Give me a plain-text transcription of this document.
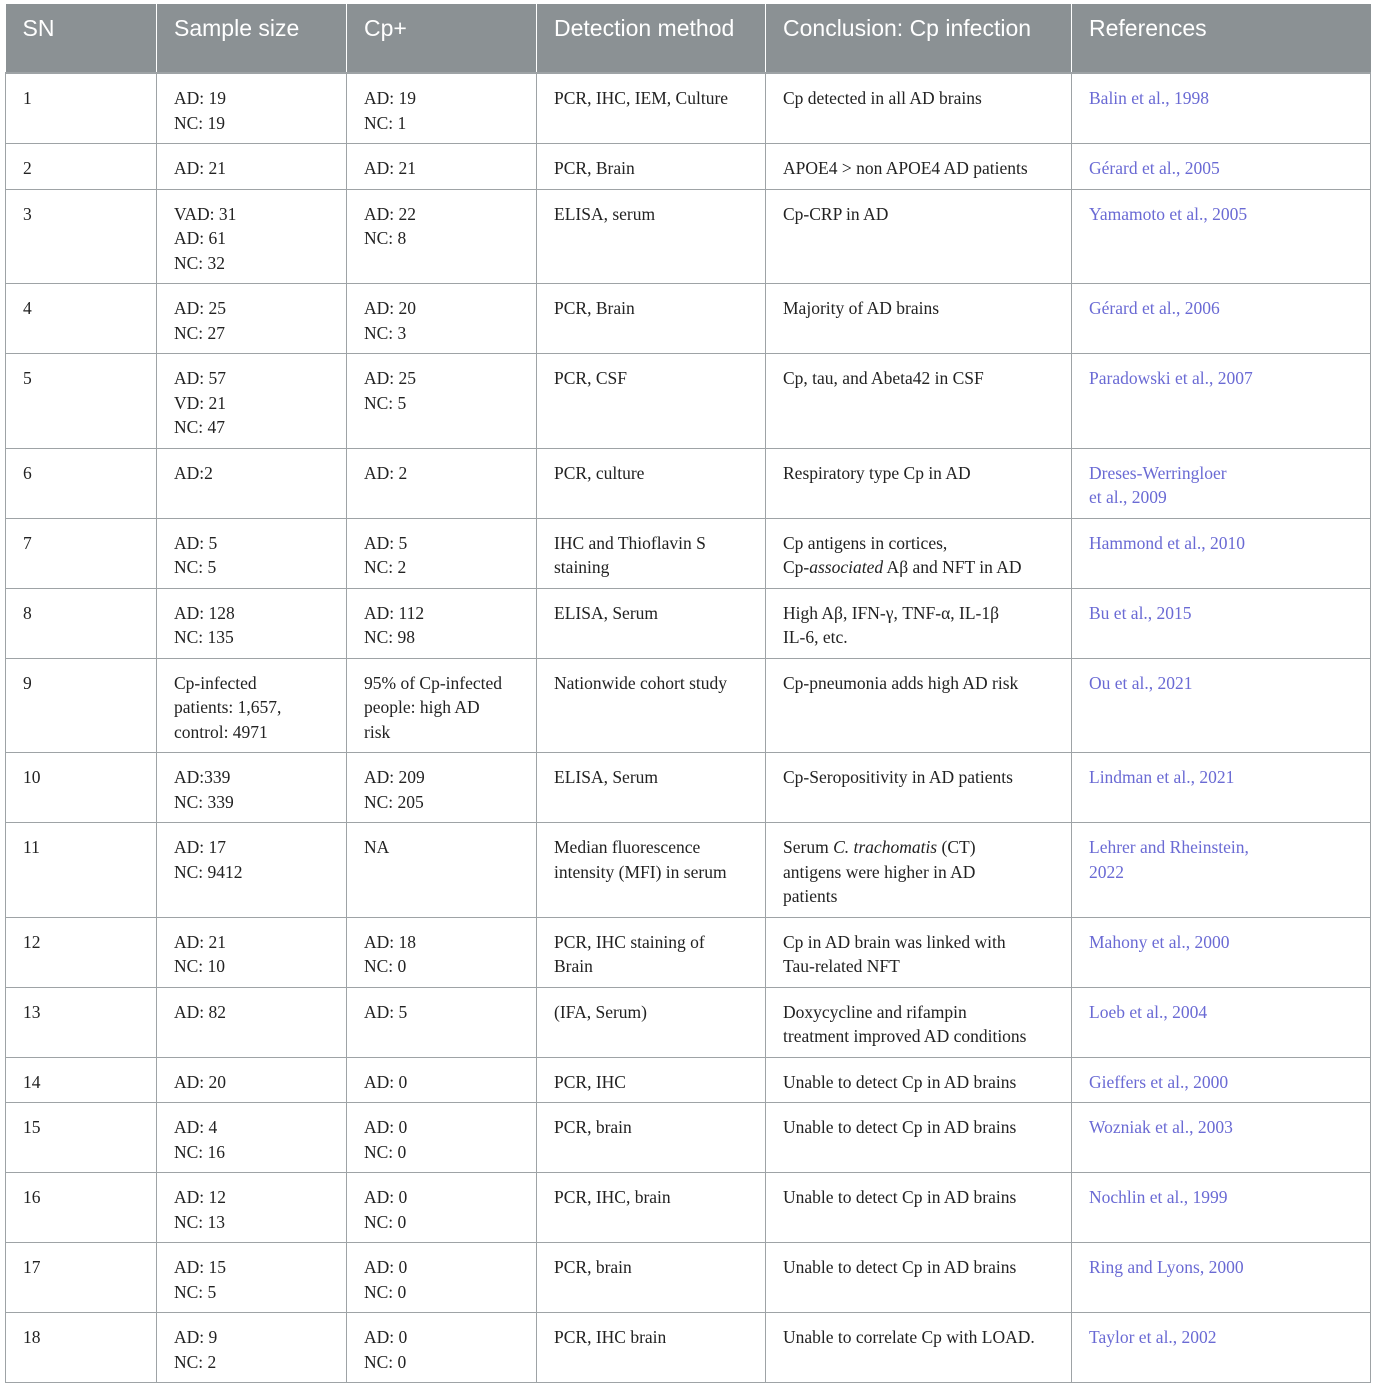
SN	Sample size	Cp+	Detection method	Conclusion: Cp infection	References
1	AD: 19
NC: 19	AD: 19
NC: 1	PCR, IHC, IEM, Culture	Cp detected in all AD brains	Balin et al., 1998
2	AD: 21	AD: 21	PCR, Brain	APOE4 > non APOE4 AD patients	Gérard et al., 2005
3	VAD: 31
AD: 61
NC: 32	AD: 22
NC: 8	ELISA, serum	Cp-CRP in AD	Yamamoto et al., 2005
4	AD: 25
NC: 27	AD: 20
NC: 3	PCR, Brain	Majority of AD brains	Gérard et al., 2006
5	AD: 57
VD: 21
NC: 47	AD: 25
NC: 5	PCR, CSF	Cp, tau, and Abeta42 in CSF	Paradowski et al., 2007
6	AD:2	AD: 2	PCR, culture	Respiratory type Cp in AD	Dreses-Werringloer
et al., 2009
7	AD: 5
NC: 5	AD: 5
NC: 2	IHC and Thioflavin S
staining	Cp antigens in cortices,
Cp-associated Aβ and NFT in AD	Hammond et al., 2010
8	AD: 128
NC: 135	AD: 112
NC: 98	ELISA, Serum	High Aβ, IFN-γ, TNF-α, IL-1β
IL-6, etc.	Bu et al., 2015
9	Cp-infected
patients: 1,657,
control: 4971	95% of Cp-infected
people: high AD
risk	Nationwide cohort study	Cp-pneumonia adds high AD risk	Ou et al., 2021
10	AD:339
NC: 339	AD: 209
NC: 205	ELISA, Serum	Cp-Seropositivity in AD patients	Lindman et al., 2021
11	AD: 17
NC: 9412	NA	Median fluorescence
intensity (MFI) in serum	Serum C. trachomatis (CT)
antigens were higher in AD
patients	Lehrer and Rheinstein,
2022
12	AD: 21
NC: 10	AD: 18
NC: 0	PCR, IHC staining of
Brain	Cp in AD brain was linked with
Tau-related NFT	Mahony et al., 2000
13	AD: 82	AD: 5	(IFA, Serum)	Doxycycline and rifampin
treatment improved AD conditions	Loeb et al., 2004
14	AD: 20	AD: 0	PCR, IHC	Unable to detect Cp in AD brains	Gieffers et al., 2000
15	AD: 4
NC: 16	AD: 0
NC: 0	PCR, brain	Unable to detect Cp in AD brains	Wozniak et al., 2003
16	AD: 12
NC: 13	AD: 0
NC: 0	PCR, IHC, brain	Unable to detect Cp in AD brains	Nochlin et al., 1999
17	AD: 15
NC: 5	AD: 0
NC: 0	PCR, brain	Unable to detect Cp in AD brains	Ring and Lyons, 2000
18	AD: 9
NC: 2	AD: 0
NC: 0	PCR, IHC brain	Unable to correlate Cp with LOAD.	Taylor et al., 2002
